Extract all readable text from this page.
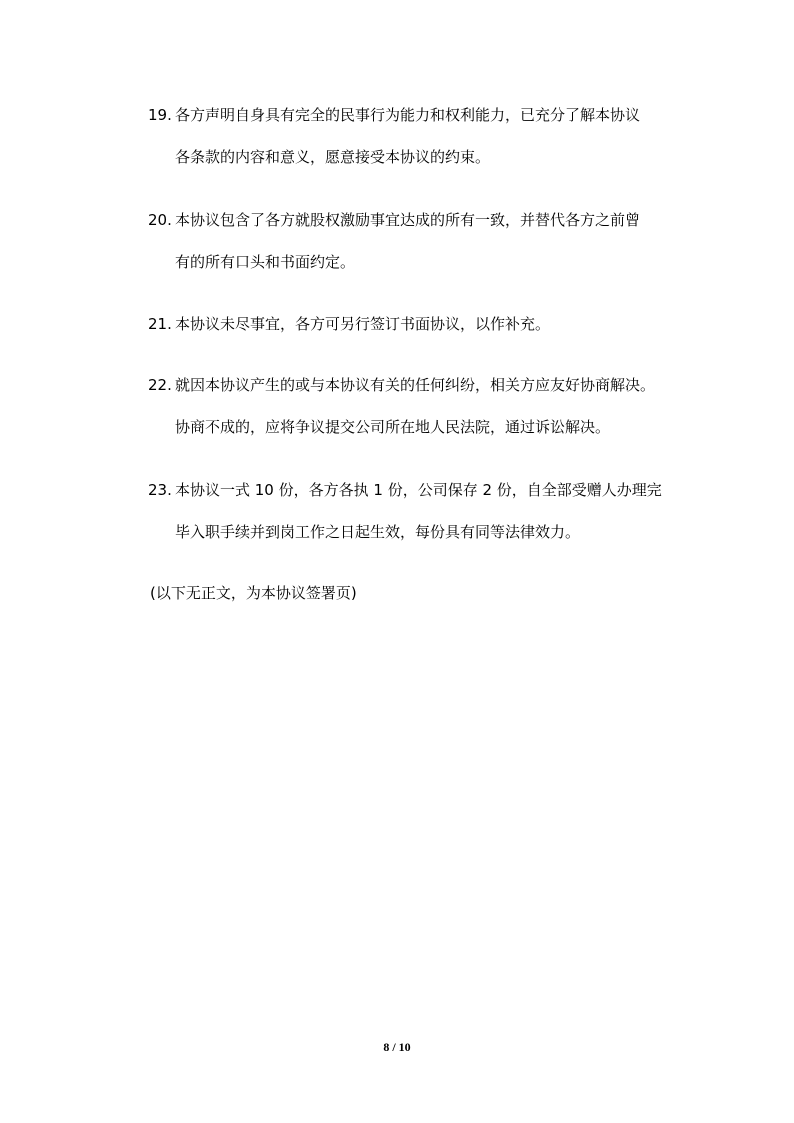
19. 各方声明自身具有完全的民事行为能力和权利能力，已充分了解本协议
各条款的内容和意义，愿意接受本协议的约束。
20. 本协议包含了各方就股权激励事宜达成的所有一致，并替代各方之前曾
有的所有口头和书面约定。
21. 本协议未尽事宜，各方可另行签订书面协议，以作补充。
22. 就因本协议产生的或与本协议有关的任何纠纷，相关方应友好协商解决。
协商不成的，应将争议提交公司所在地人民法院，通过诉讼解决。
23. 本协议一式 10 份，各方各执 1 份，公司保存 2 份，自全部受赠人办理完
毕入职手续并到岗工作之日起生效，每份具有同等法律效力。
(以下无正文，为本协议签署页)
8 / 10
